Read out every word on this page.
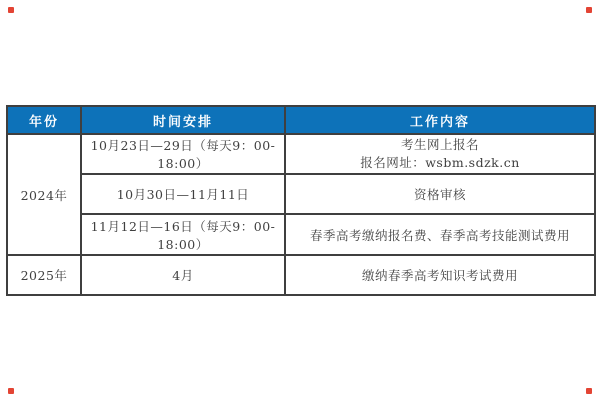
年份	时间安排	工作内容
2024年	10月23日—29日（每天9：00-18:00）	考生网上报名
报名网址：wsbm.sdzk.cn

	10月30日—11月11日	资格审核
	11月12日—16日（每天9：00-18:00）	春季高考缴纳报名费、春季高考技能测试费用
2025年	4月	缴纳春季高考知识考试费用
